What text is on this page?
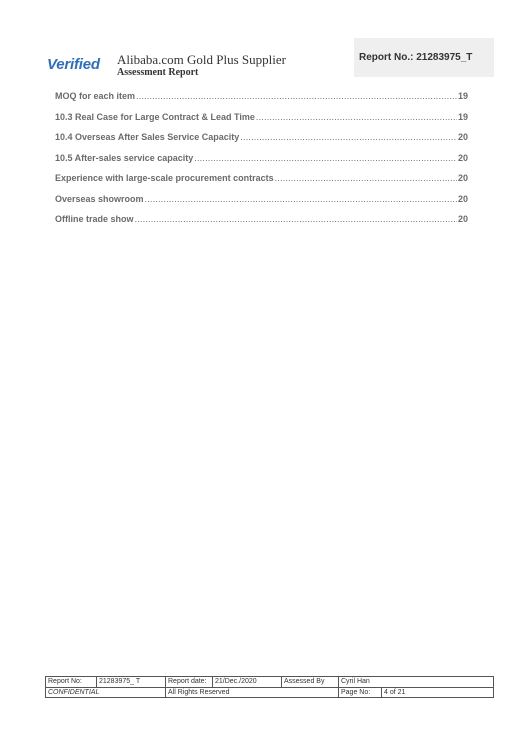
Verified Alibaba.com Gold Plus Supplier
Assessment Report
Report No.: 21283975_T
MOQ for each item .....	19
10.3 Real Case for Large Contract & Lead Time .....	19
10.4 Overseas After Sales Service Capacity .....	20
10.5 After-sales service capacity .....	20
Experience with large-scale procurement contracts .....	20
Overseas showroom .....	20
Offline trade show .....	20
Report No:	21283975_ T	Report date:	21/Dec./2020	Assessed By	Cyril Han	
CONFIDENTIAL		All Rights Reserved			Page No:	4 of 21
